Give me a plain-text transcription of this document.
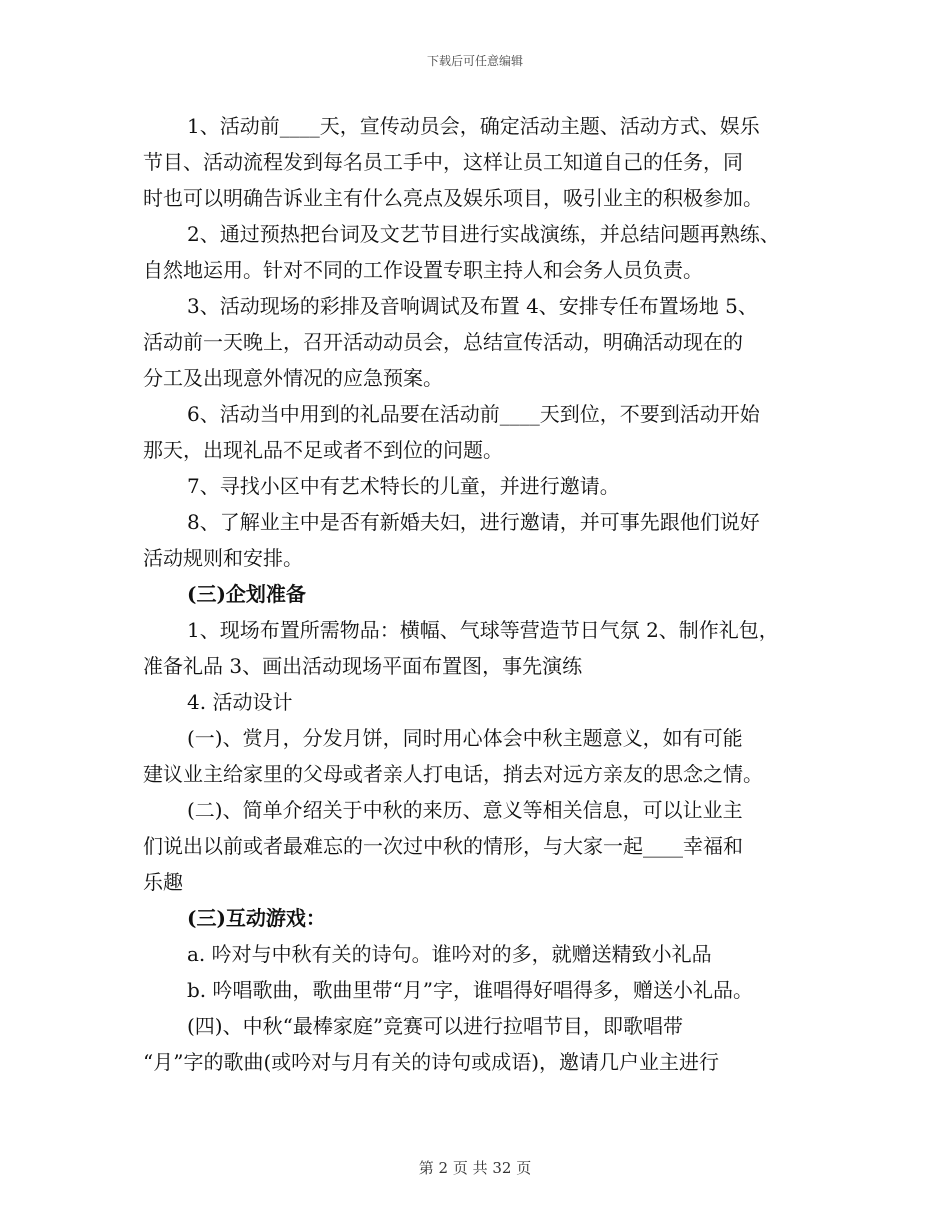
下载后可任意编辑
1、活动前____天，宣传动员会，确定活动主题、活动方式、娱乐
节目、活动流程发到每名员工手中，这样让员工知道自己的任务，同
时也可以明确告诉业主有什么亮点及娱乐项目，吸引业主的积极参加。
2、通过预热把台词及文艺节目进行实战演练，并总结问题再熟练、
自然地运用。针对不同的工作设置专职主持人和会务人员负责。
3、活动现场的彩排及音响调试及布置 4、安排专任布置场地 5、
活动前一天晚上，召开活动动员会，总结宣传活动，明确活动现在的
分工及出现意外情况的应急预案。
6、活动当中用到的礼品要在活动前____天到位，不要到活动开始
那天，出现礼品不足或者不到位的问题。
7、寻找小区中有艺术特长的儿童，并进行邀请。
8、了解业主中是否有新婚夫妇，进行邀请，并可事先跟他们说好
活动规则和安排。
(三)企划准备
1、现场布置所需物品：横幅、气球等营造节日气氛 2、制作礼包，
准备礼品 3、画出活动现场平面布置图，事先演练
4. 活动设计
(一)、赏月，分发月饼，同时用心体会中秋主题意义，如有可能
建议业主给家里的父母或者亲人打电话，捎去对远方亲友的思念之情。
(二)、简单介绍关于中秋的来历、意义等相关信息，可以让业主
们说出以前或者最难忘的一次过中秋的情形，与大家一起____幸福和
乐趣
(三)互动游戏：
a. 吟对与中秋有关的诗句。谁吟对的多，就赠送精致小礼品
b. 吟唱歌曲，歌曲里带“月”字，谁唱得好唱得多，赠送小礼品。
(四)、中秋“最棒家庭”竞赛可以进行拉唱节目，即歌唱带
“月”字的歌曲(或吟对与月有关的诗句或成语)，邀请几户业主进行
第 2 页 共 32 页
